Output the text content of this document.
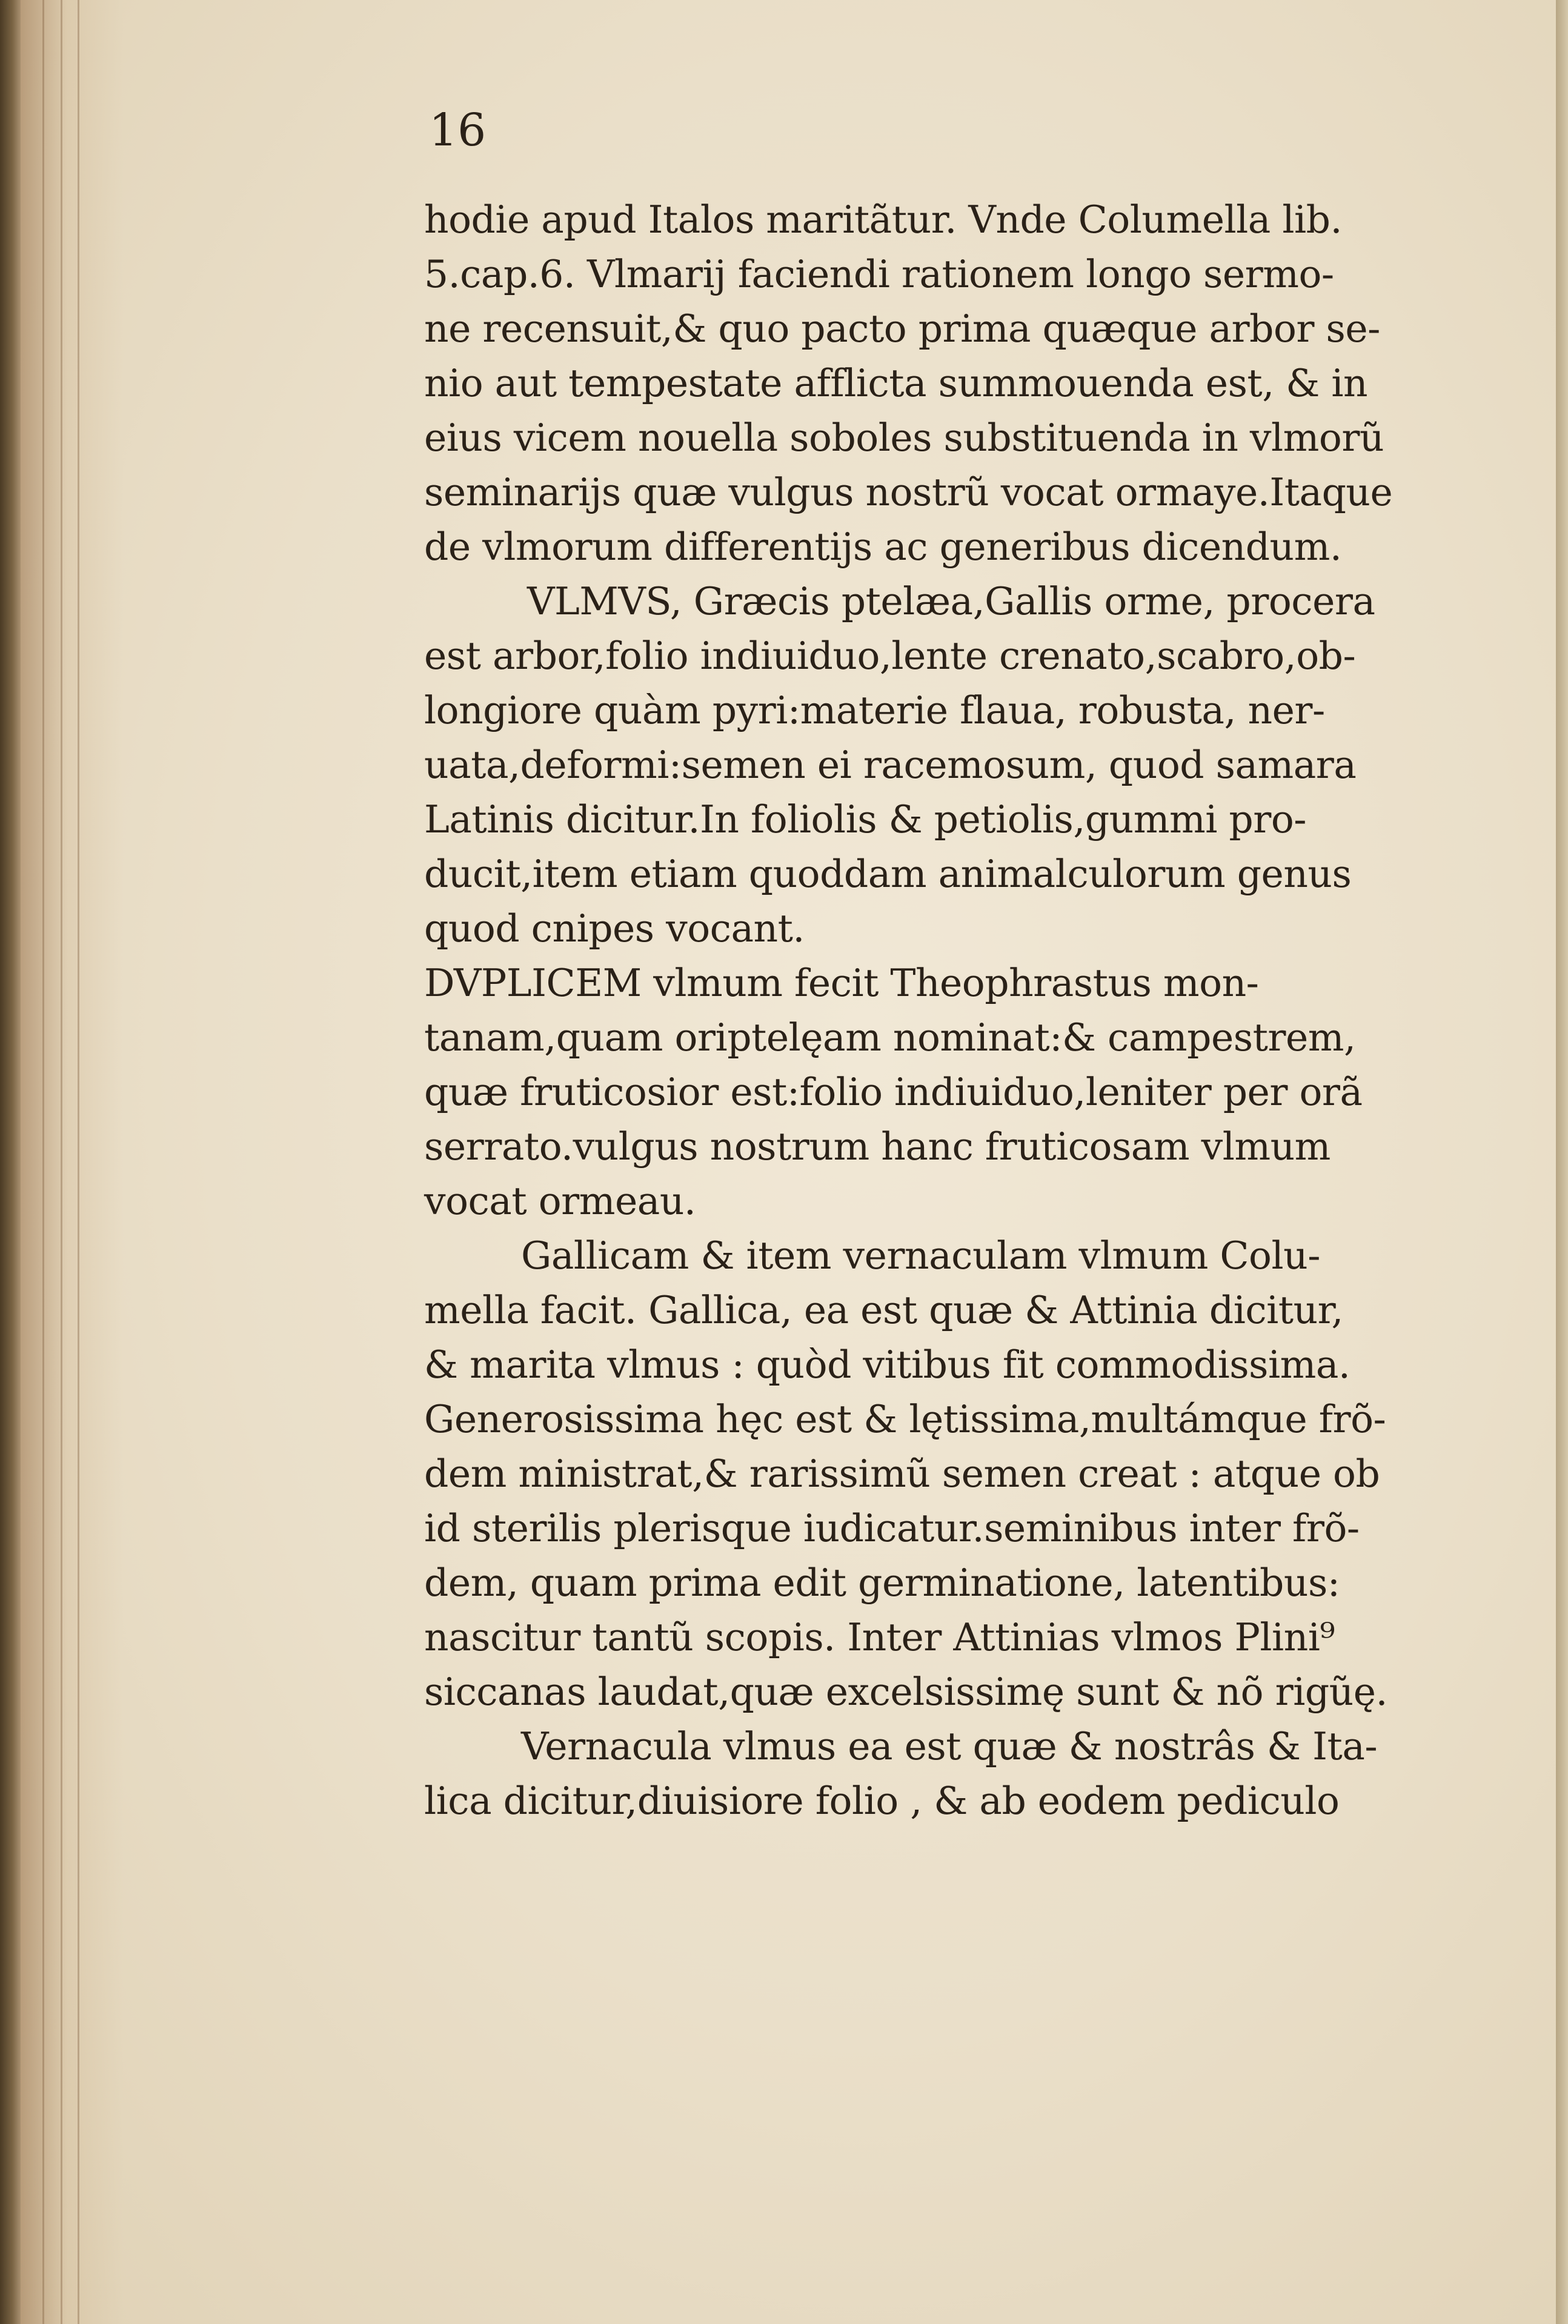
16
hodie apud Italos maritãtur. Vnde Columella lib.
5.cap.6. Vlmarij faciendi rationem longo sermo-
ne recensuit,& quo pacto prima quæque arbor se-
nio aut tempestate afflicta summouenda est, & in
eius vicem nouella soboles substituenda in vlmorũ
seminarijs quæ vulgus nostrũ vocat ormaye.Itaque
de vlmorum differentijs ac generibus dicendum.
VLMVS, Græcis ptelæa,Gallis orme, procera
est arbor,folio indiuiduo,lente crenato,scabro,ob-
longiore quàm pyri:materie flaua, robusta, ner-
uata,deformi:semen ei racemosum, quod samara
Latinis dicitur.In foliolis & petiolis,gummi pro-
ducit,item etiam quoddam animalculorum genus
quod cnipes vocant.
DVPLICEM vlmum fecit Theophrastus mon-
tanam,quam oriptelęam nominat:& campestrem,
quæ fruticosior est:folio indiuiduo,leniter per orã
serrato.vulgus nostrum hanc fruticosam vlmum
vocat ormeau.
Gallicam & item vernaculam vlmum Colu-
mella facit. Gallica, ea est quæ & Attinia dicitur,
& marita vlmus : quòd vitibus fit commodissima.
Generosissima hęc est & lętissima,multámque frõ-
dem ministrat,& rarissimũ semen creat : atque ob
id sterilis plerisque iudicatur.seminibus inter frõ-
dem, quam prima edit germinatione, latentibus:
nascitur tantũ scopis. Inter Attinias vlmos Plini⁹
siccanas laudat,quæ excelsissimę sunt & nõ rigũę.
Vernacula vlmus ea est quæ & nostrâs & Ita-
lica dicitur,diuisiore folio , & ab eodem pediculo
